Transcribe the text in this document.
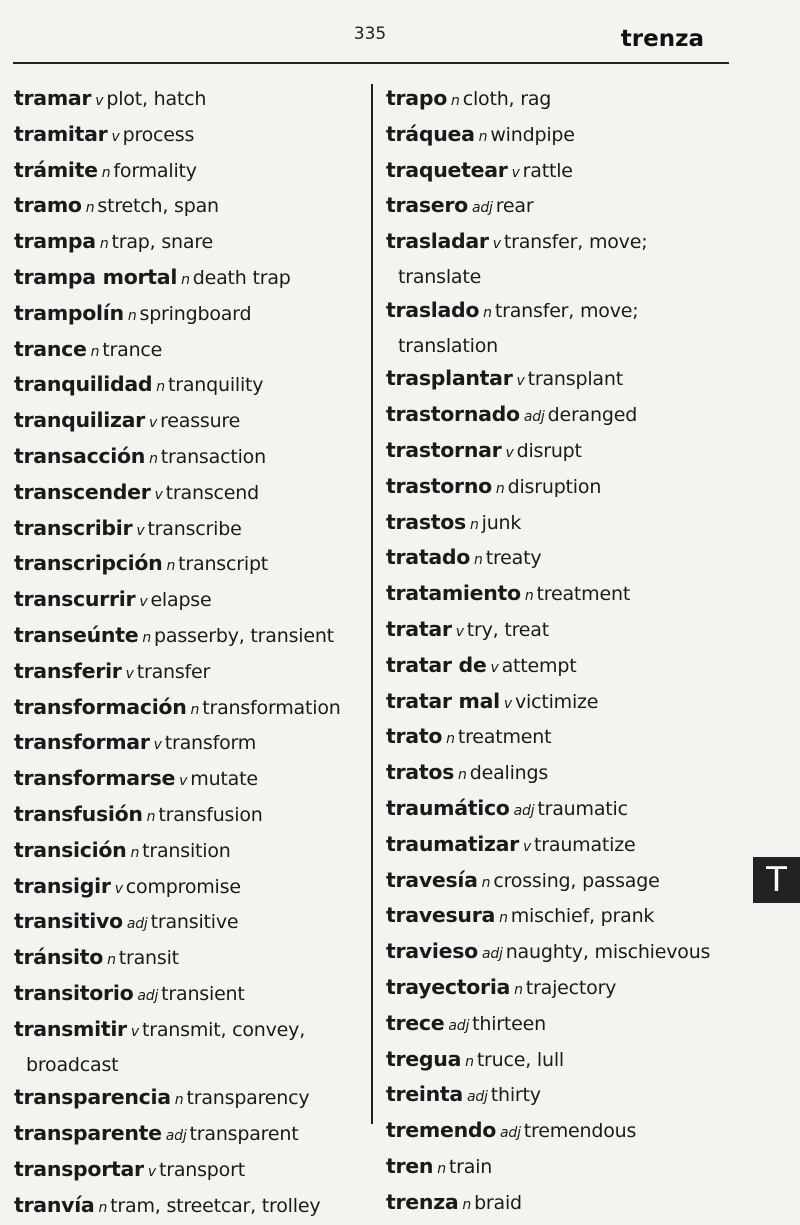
335	trenza
tramar v plot, hatch
tramitar v process
trámite n formality
tramo n stretch, span
trampa n trap, snare
trampa mortal n death trap
trampolín n springboard
trance n trance
tranquilidad n tranquility
tranquilizar v reassure
transacción n transaction
transcender v transcend
transcribir v transcribe
transcripción n transcript
transcurrir v elapse
transeúnte n passerby, transient
transferir v transfer
transformación n transformation
transformar v transform
transformarse v mutate
transfusión n transfusion
transición n transition
transigir v compromise
transitivo adj transitive
tránsito n transit
transitorio adj transient
transmitir v transmit, convey,
broadcast
transparencia n transparency
transparente adj transparent
transportar v transport
tranvía n tram, streetcar, trolley
trapo n cloth, rag
tráquea n windpipe
traquetear v rattle
trasero adj rear
trasladar v transfer, move;
translate
traslado n transfer, move;
translation
trasplantar v transplant
trastornado adj deranged
trastornar v disrupt
trastorno n disruption
trastos n junk
tratado n treaty
tratamiento n treatment
tratar v try, treat
tratar de v attempt
tratar mal v victimize
trato n treatment
tratos n dealings
traumático adj traumatic
traumatizar v traumatize
travesía n crossing, passage
travesura n mischief, prank
travieso adj naughty, mischievous
trayectoria n trajectory
trece adj thirteen
tregua n truce, lull
treinta adj thirty
tremendo adj tremendous
tren n train
trenza n braid
T
